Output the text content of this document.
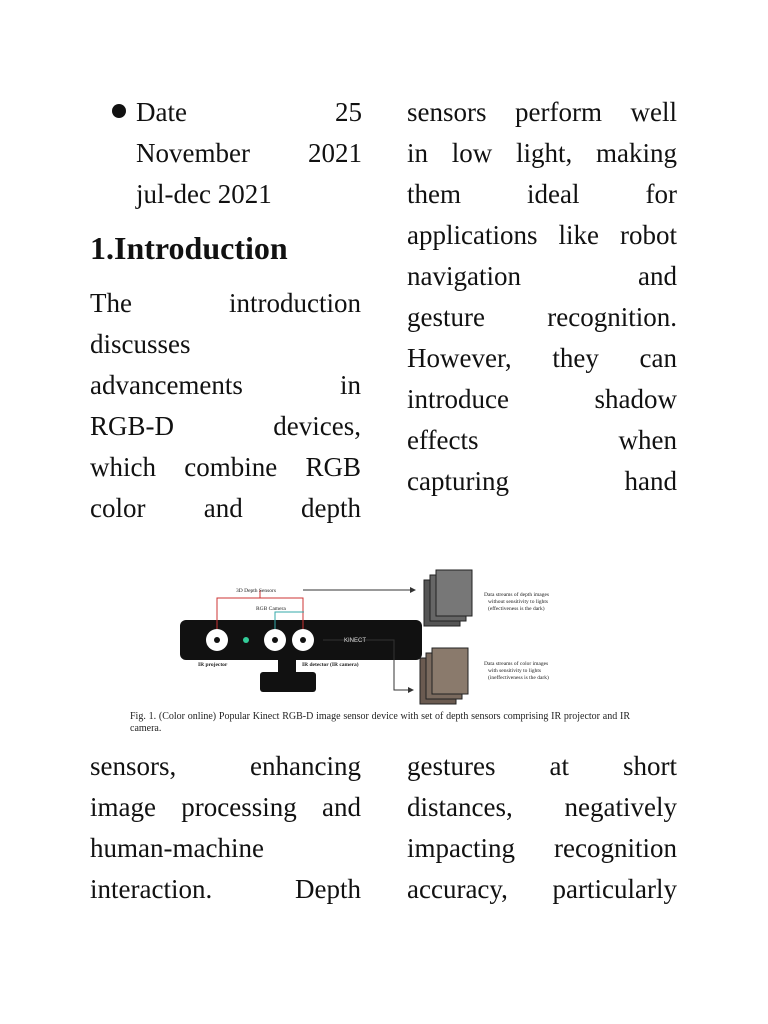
Date 25
November 2021
jul-dec 2021
1.Introduction
The introduction
discusses
advancements in
RGB-D devices,
which combine RGB
color and depth
sensors perform well
in low light, making
them ideal for
applications like robot
navigation and
gesture recognition.
However, they can
introduce shadow
effects when
capturing hand
3D Depth Sensors
RGB Camera
KINECT
IR projector	IR detector (IR camera)
Data streams of depth images
without sensitivity to lights
(effectiveness is the dark)
Data streams of color images
with sensitivity to lights
(ineffectiveness is the dark)
Fig. 1. (Color online) Popular Kinect RGB-D image sensor device with set of depth sensors comprising IR projector and IR camera.
sensors, enhancing
image processing and
human-machine
interaction. Depth
gestures at short
distances, negatively
impacting recognition
accuracy, particularly
